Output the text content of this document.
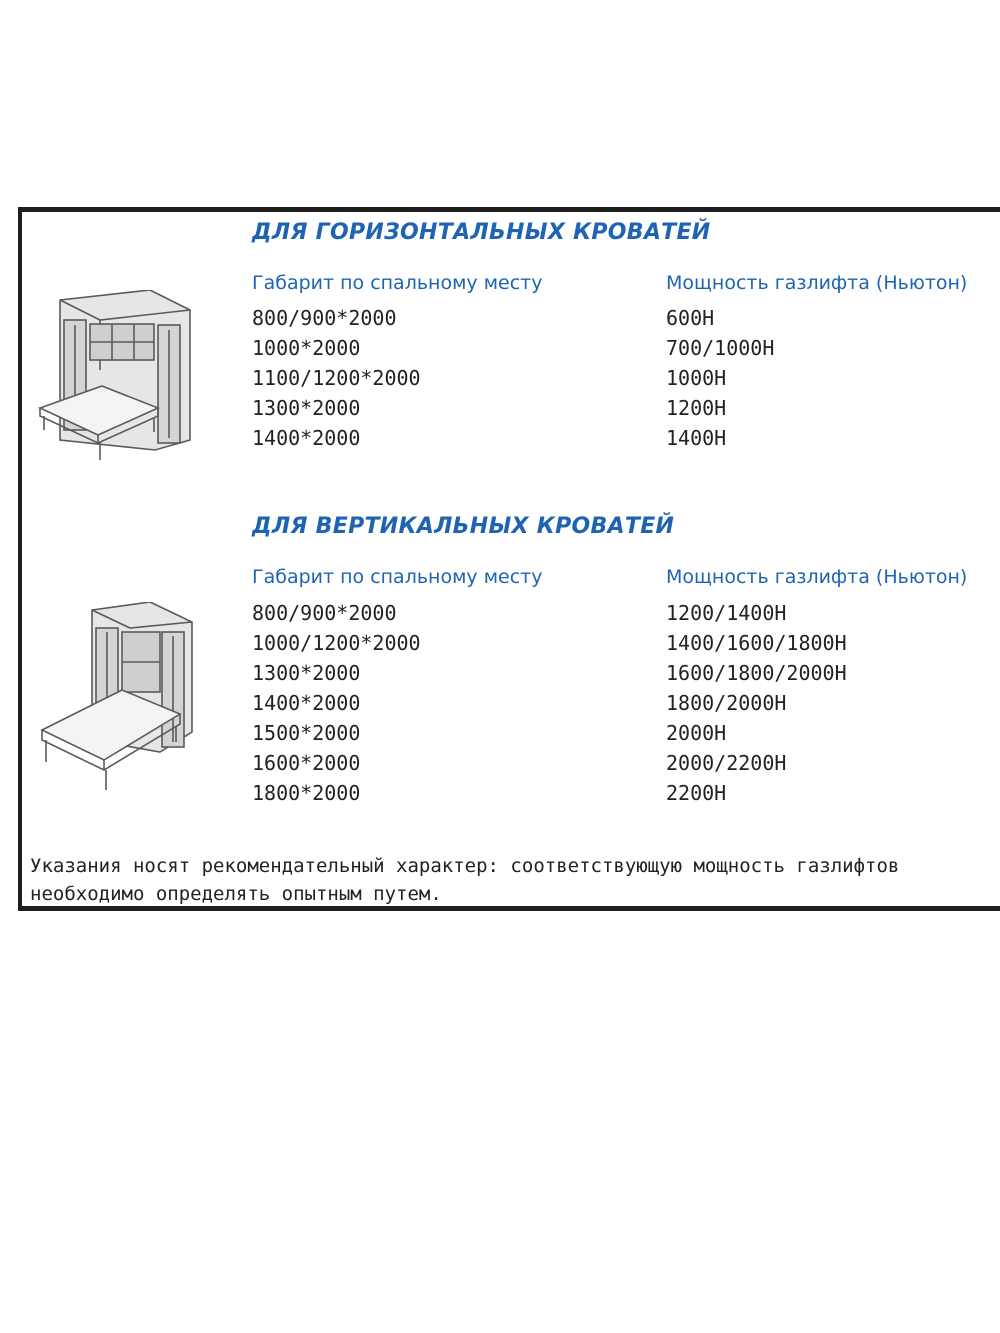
ДЛЯ ГОРИЗОНТАЛЬНЫХ КРОВАТЕЙ
Габарит по спальному месту	Мощность газлифта (Ньютон)
800/900*2000
1000*2000
1100/1200*2000
1300*2000
1400*2000
600Н
700/1000Н
1000Н
1200Н
1400Н
ДЛЯ ВЕРТИКАЛЬНЫХ КРОВАТЕЙ
Габарит по спальному месту	Мощность газлифта (Ньютон)
800/900*2000
1000/1200*2000
1300*2000
1400*2000
1500*2000
1600*2000
1800*2000
1200/1400Н
1400/1600/1800Н
1600/1800/2000Н
1800/2000Н
2000Н
2000/2200Н
2200Н

Указания носят рекомендательный характер: соответствующую мощность газлифтов необходимо определять опытным путем.
